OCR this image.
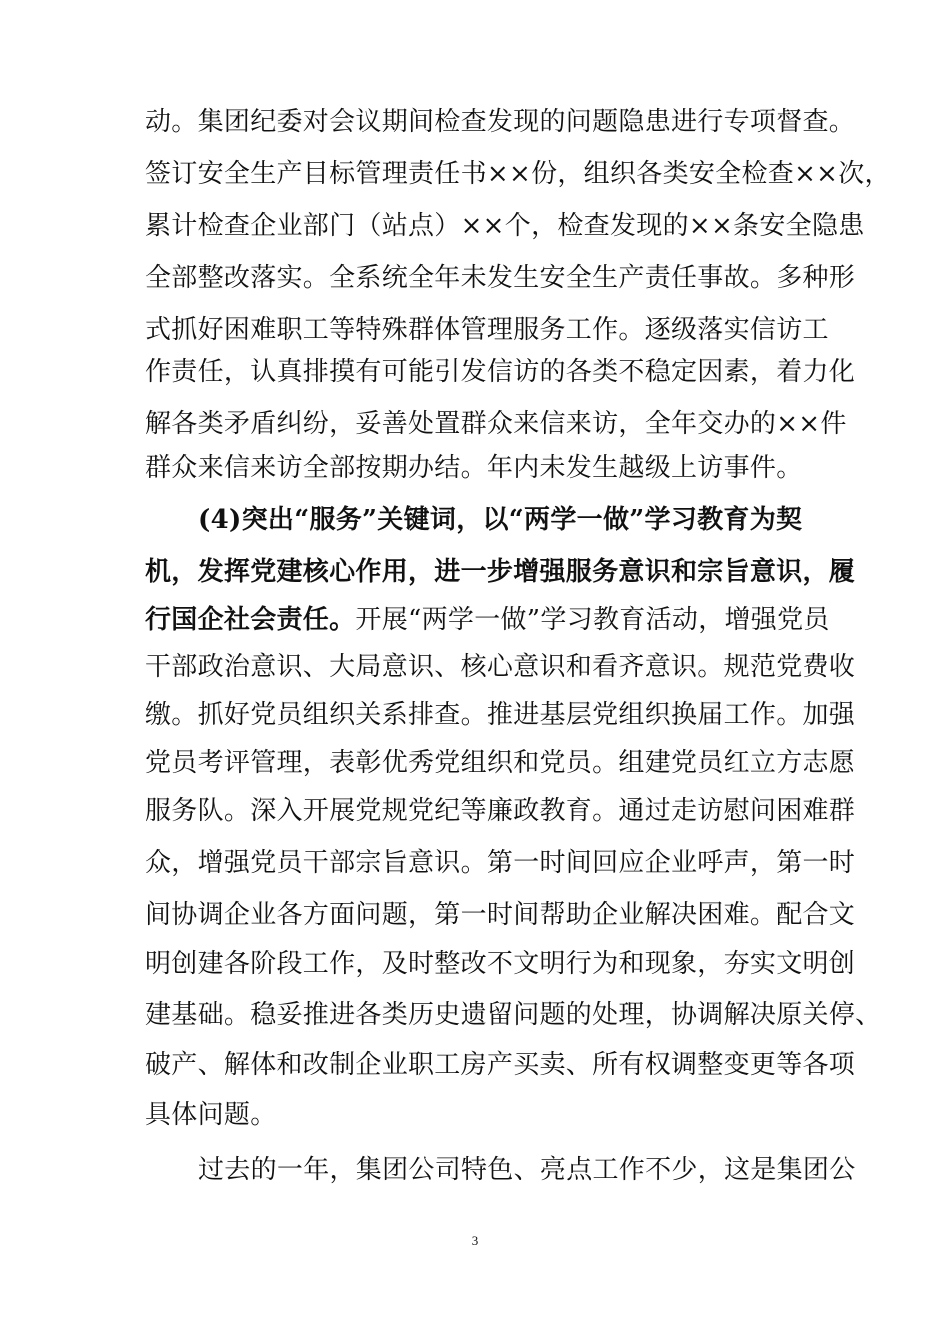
动。集团纪委对会议期间检查发现的问题隐患进行专项督查。
签订安全生产目标管理责任书××份，组织各类安全检查××次，
累计检查企业部门（站点）××个，检查发现的××条安全隐患
全部整改落实。全系统全年未发生安全生产责任事故。多种形
式抓好困难职工等特殊群体管理服务工作。逐级落实信访工
作责任，认真排摸有可能引发信访的各类不稳定因素，着力化
解各类矛盾纠纷，妥善处置群众来信来访，全年交办的××件
群众来信来访全部按期办结。年内未发生越级上访事件。
(4)突出“服务”关键词，以“两学一做”学习教育为契
机，发挥党建核心作用，进一步增强服务意识和宗旨意识，履
行国企社会责任。开展“两学一做”学习教育活动，增强党员
干部政治意识、大局意识、核心意识和看齐意识。规范党费收
缴。抓好党员组织关系排查。推进基层党组织换届工作。加强
党员考评管理，表彰优秀党组织和党员。组建党员红立方志愿
服务队。深入开展党规党纪等廉政教育。通过走访慰问困难群
众，增强党员干部宗旨意识。第一时间回应企业呼声，第一时
间协调企业各方面问题，第一时间帮助企业解决困难。配合文
明创建各阶段工作，及时整改不文明行为和现象，夯实文明创
建基础。稳妥推进各类历史遗留问题的处理，协调解决原关停、
破产、解体和改制企业职工房产买卖、所有权调整变更等各项
具体问题。
过去的一年，集团公司特色、亮点工作不少，这是集团公
3
